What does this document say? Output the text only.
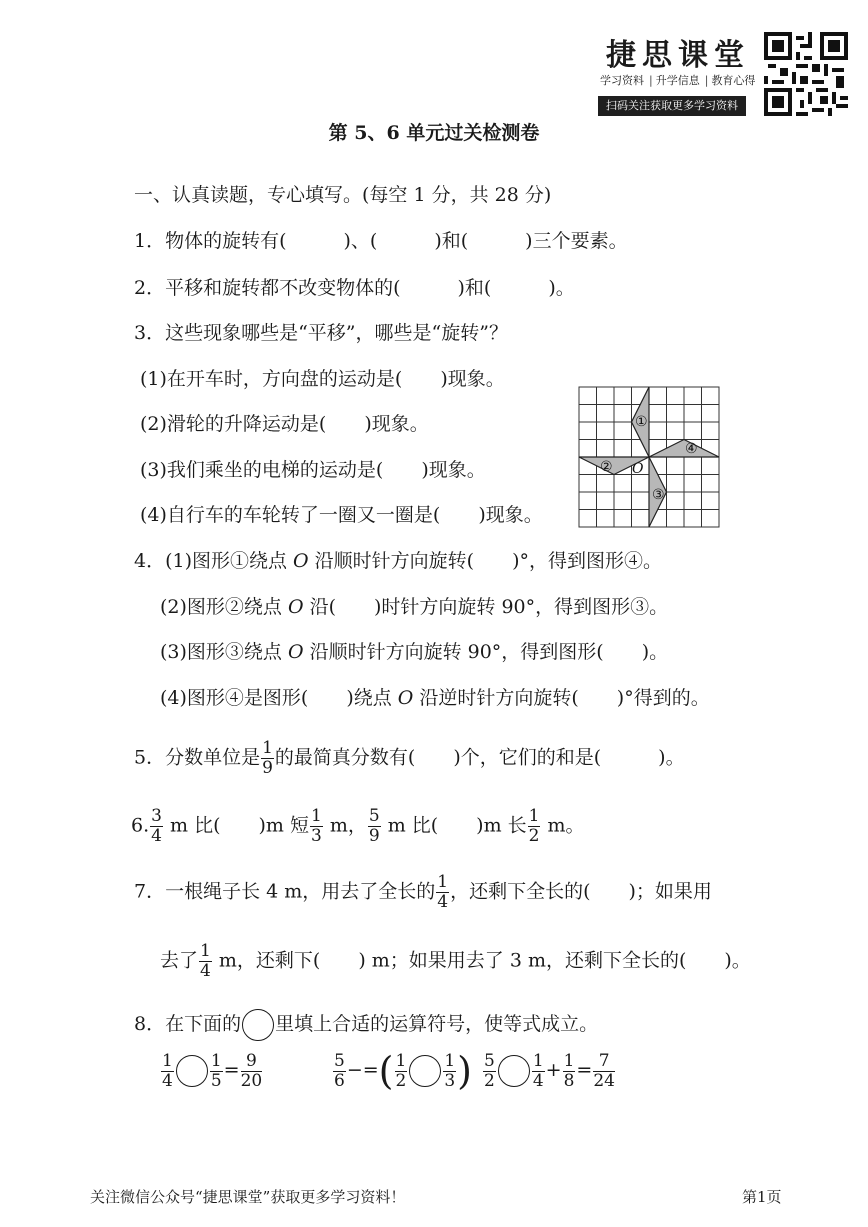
捷思课堂
学习资料 | 升学信息 | 教育心得
扫码关注获取更多学习资料
第 5、6 单元过关检测卷
一、认真读题，专心填写。(每空 1 分，共 28 分)
1．物体的旋转有(　　　)、(　　　)和(　　　)三个要素。
2．平移和旋转都不改变物体的(　　　)和(　　　)。
3．这些现象哪些是“平移”，哪些是“旋转”？
(1)在开车时，方向盘的运动是(　　)现象。
(2)滑轮的升降运动是(　　)现象。
(3)我们乘坐的电梯的运动是(　　)现象。
(4)自行车的车轮转了一圈又一圈是(　　)现象。
①
④
②
③
O
4．(1)图形①绕点 O 沿顺时针方向旋转(　　)°，得到图形④。
(2)图形②绕点 O 沿(　　)时针方向旋转 90°，得到图形③。
(3)图形③绕点 O 沿顺时针方向旋转 90°，得到图形(　　)。
(4)图形④是图形(　　)绕点 O 沿逆时针方向旋转(　　)°得到的。
5．分数单位是 $\frac{1}{9}$ 的最简真分数有(　　)个，它们的和是(　　　)。
6. $\frac{3}{4}$ m 比(　　)m 短 $\frac{1}{3}$ m， $\frac{5}{9}$ m 比(　　)m 长 $\frac{1}{2}$ m。
7．一根绳子长 4 m，用去了全长的 $\frac{1}{4}$ ，还剩下全长的(　　)；如果用
去了 $\frac{1}{4}$ m，还剩下(　　) m；如果用去了 3 m，还剩下全长的(　　)。
8．在下面的 里填上合适的运算符号，使等式成立。
$\frac{1}{4} \frac{1}{5} = \frac{9}{20}$	$\frac{5}{6}$ −=( $\frac{1}{2} \frac{1}{3}$ ) $\frac{5}{2} \frac{1}{4} + \frac{1}{8} = \frac{7}{24}$
关注微信公众号“捷思课堂”获取更多学习资料！	第1页
